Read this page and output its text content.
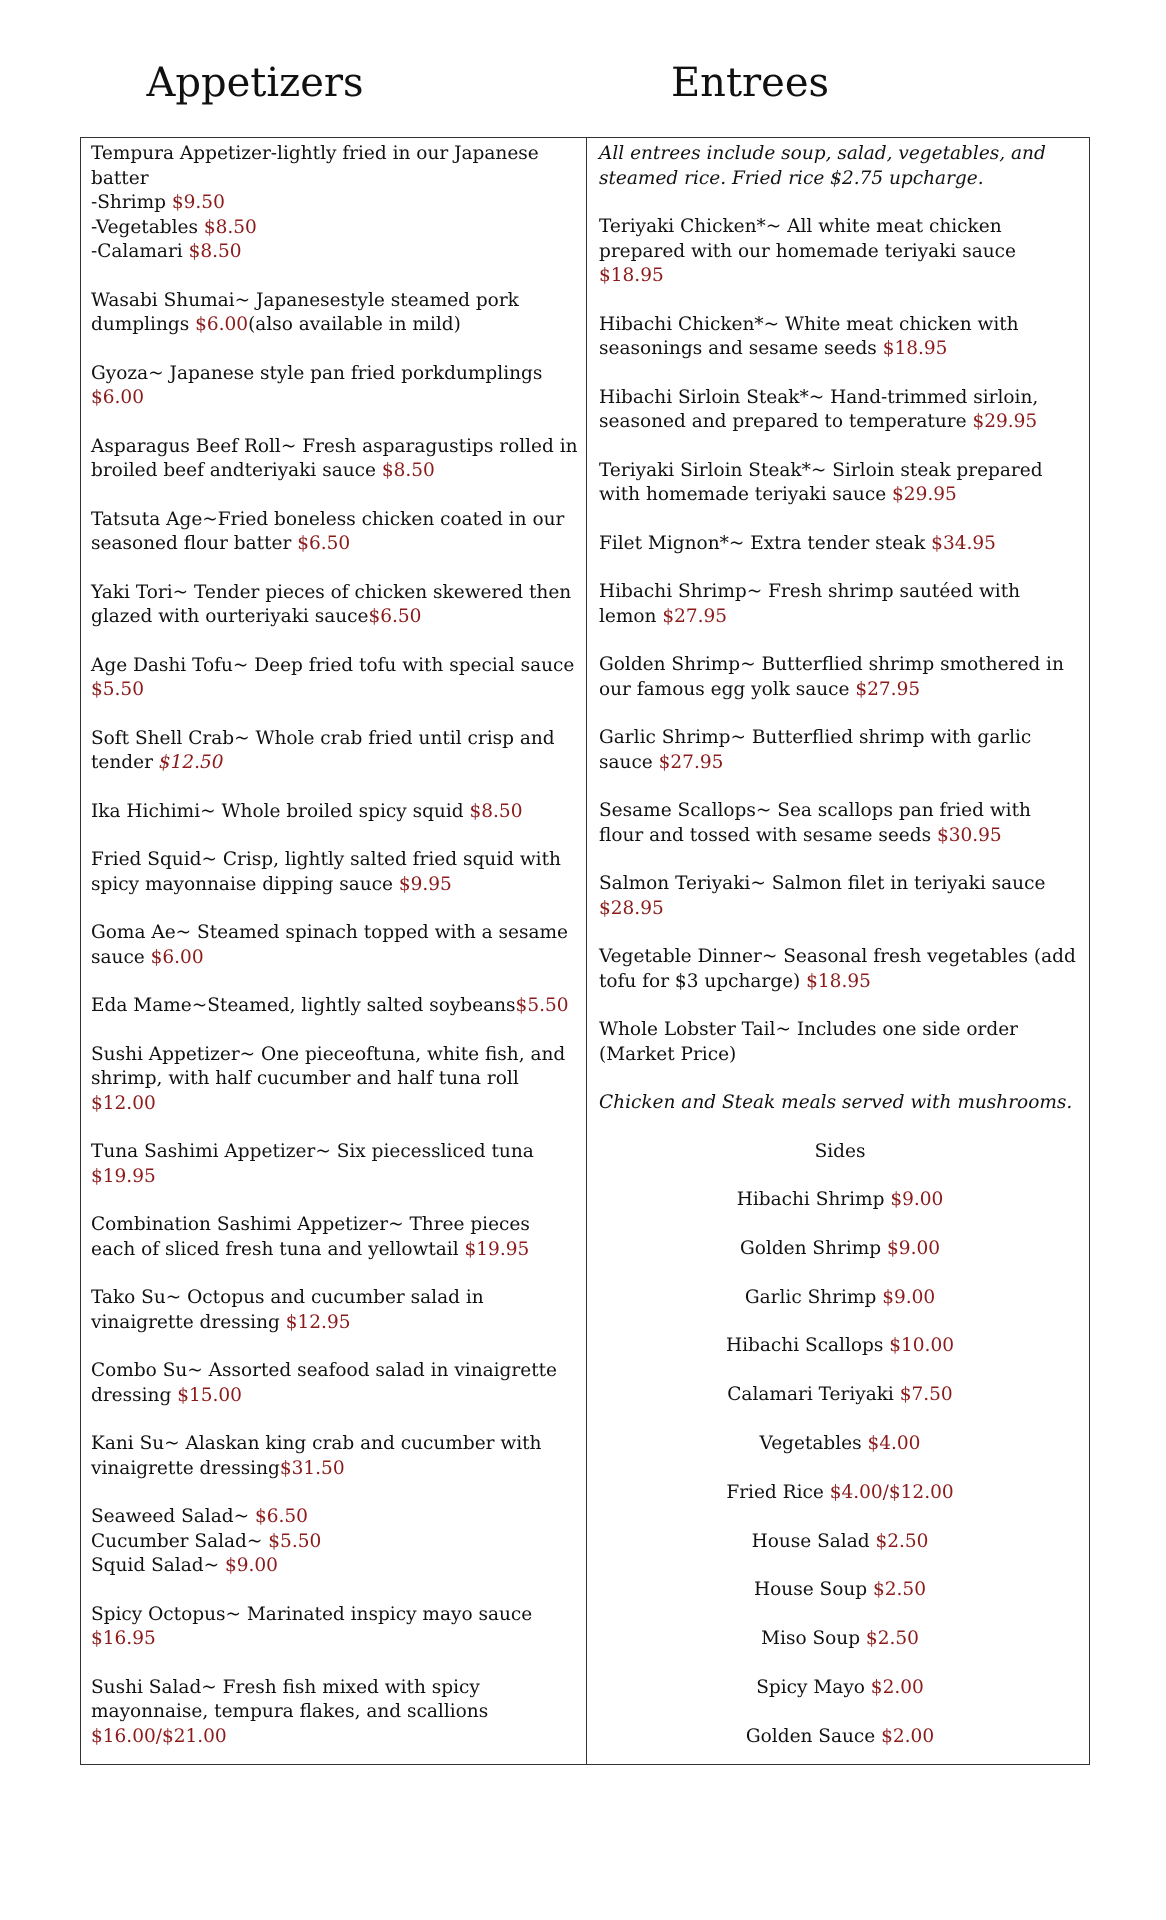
Appetizers	Entrees

Tempura Appetizer-lightly fried in our Japanese batter
-Shrimp $9.50
-Vegetables $8.50
-Calamari $8.50

Wasabi Shumai~ Japanesestyle steamed pork dumplings $6.00(also available in mild)

Gyoza~ Japanese style pan fried porkdumplings $6.00

Asparagus Beef Roll~ Fresh asparagustips rolled in broiled beef andteriyaki sauce $8.50

Tatsuta Age~Fried boneless chicken coated in our seasoned flour batter $6.50

Yaki Tori~ Tender pieces of chicken skewered then glazed with ourteriyaki sauce$6.50

Age Dashi Tofu~ Deep fried tofu with special sauce $5.50

Soft Shell Crab~ Whole crab fried until crisp and tender $12.50

Ika Hichimi~ Whole broiled spicy squid $8.50

Fried Squid~ Crisp, lightly salted fried squid with spicy mayonnaise dipping sauce $9.95

Goma Ae~ Steamed spinach topped with a sesame sauce $6.00

Eda Mame~Steamed, lightly salted soybeans$5.50

Sushi Appetizer~ One pieceoftuna, white fish, and shrimp, with half cucumber and half tuna roll $12.00

Tuna Sashimi Appetizer~ Six piecessliced tuna $19.95

Combination Sashimi Appetizer~ Three pieces each of sliced fresh tuna and yellowtail $19.95

Tako Su~ Octopus and cucumber salad in vinaigrette dressing $12.95

Combo Su~ Assorted seafood salad in vinaigrette dressing $15.00

Kani Su~ Alaskan king crab and cucumber with vinaigrette dressing$31.50

Seaweed Salad~ $6.50
Cucumber Salad~ $5.50
Squid Salad~ $9.00

Spicy Octopus~ Marinated inspicy mayo sauce $16.95

Sushi Salad~ Fresh fish mixed with spicy mayonnaise, tempura flakes, and scallions $16.00/$21.00

All entrees include soup, salad, vegetables, and steamed rice. Fried rice $2.75 upcharge.

Teriyaki Chicken*~ All white meat chicken prepared with our homemade teriyaki sauce $18.95

Hibachi Chicken*~ White meat chicken with seasonings and sesame seeds $18.95

Hibachi Sirloin Steak*~ Hand-trimmed sirloin, seasoned and prepared to temperature $29.95

Teriyaki Sirloin Steak*~ Sirloin steak prepared with homemade teriyaki sauce $29.95

Filet Mignon*~ Extra tender steak $34.95

Hibachi Shrimp~ Fresh shrimp sautéed with lemon $27.95

Golden Shrimp~ Butterflied shrimp smothered in our famous egg yolk sauce $27.95

Garlic Shrimp~ Butterflied shrimp with garlic sauce $27.95

Sesame Scallops~ Sea scallops pan fried with flour and tossed with sesame seeds $30.95

Salmon Teriyaki~ Salmon filet in teriyaki sauce $28.95

Vegetable Dinner~ Seasonal fresh vegetables (add tofu for $3 upcharge) $18.95

Whole Lobster Tail~ Includes one side order (Market Price)

Chicken and Steak meals served with mushrooms.

Sides

Hibachi Shrimp $9.00

Golden Shrimp $9.00

Garlic Shrimp $9.00

Hibachi Scallops $10.00

Calamari Teriyaki $7.50

Vegetables $4.00

Fried Rice $4.00/$12.00

House Salad $2.50

House Soup $2.50

Miso Soup $2.50

Spicy Mayo $2.00

Golden Sauce $2.00
